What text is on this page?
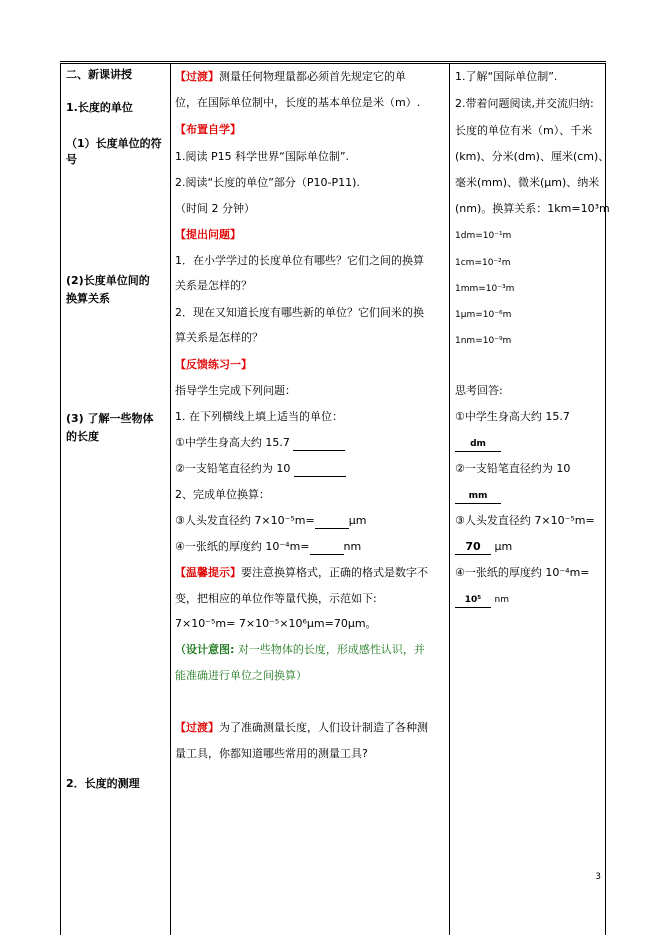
二、新课讲授
1.长度的单位
（1）长度单位的符
号
(2)长度单位间的
换算关系
(3) 了解一些物体
的长度
2．长度的测理
【过渡】测量任何物理量都必须首先规定它的单
位，在国际单位制中，长度的基本单位是米（m）.
【布置自学】
1.阅读 P15 科学世界“国际单位制”.
2.阅读“长度的单位”部分（P10-P11).
（时间 2 分钟）
【提出问题】
1．在小学学过的长度单位有哪些？它们之间的换算
关系是怎样的？
2．现在又知道长度有哪些新的单位？它们间米的换
算关系是怎样的？
【反馈练习一】
指导学生完成下列问题：
1. 在下列横线上填上适当的单位：
①中学生身高大约 15.7
②一支铅笔直径约为 10
2、完成单位换算：
③人头发直径约 7×10⁻⁵m=	μm
④一张纸的厚度约 10⁻⁴m=	nm
【温馨提示】要注意换算格式，正确的格式是数字不
变，把相应的单位作等量代换，示范如下:
7×10⁻⁵m= 7×10⁻⁵×10⁶μm=70μm。
（设计意图: 对一些物体的长度，形成感性认识，并
能准确进行单位之间换算）
【过渡】为了准确测量长度，人们设计制造了各种测
量工具，你都知道哪些常用的测量工具?
1.了解“国际单位制”.
2.带着问题阅读,并交流归纳:
长度的单位有米（m）、千米
(km)、分米(dm)、厘米(cm)、
毫米(mm)、微米(μm)、纳米
(nm)。换算关系：1km=10³m
1dm=10⁻¹m
1cm=10⁻²m
1mm=10⁻³m
1μm=10⁻⁶m
1nm=10⁻⁹m
思考回答:
①中学生身高大约 15.7
dm
②一支铅笔直径约为 10
mm
③人头发直径约 7×10⁻⁵m=
70 μm
④一张纸的厚度约 10⁻⁴m=
10⁵ nm
3
